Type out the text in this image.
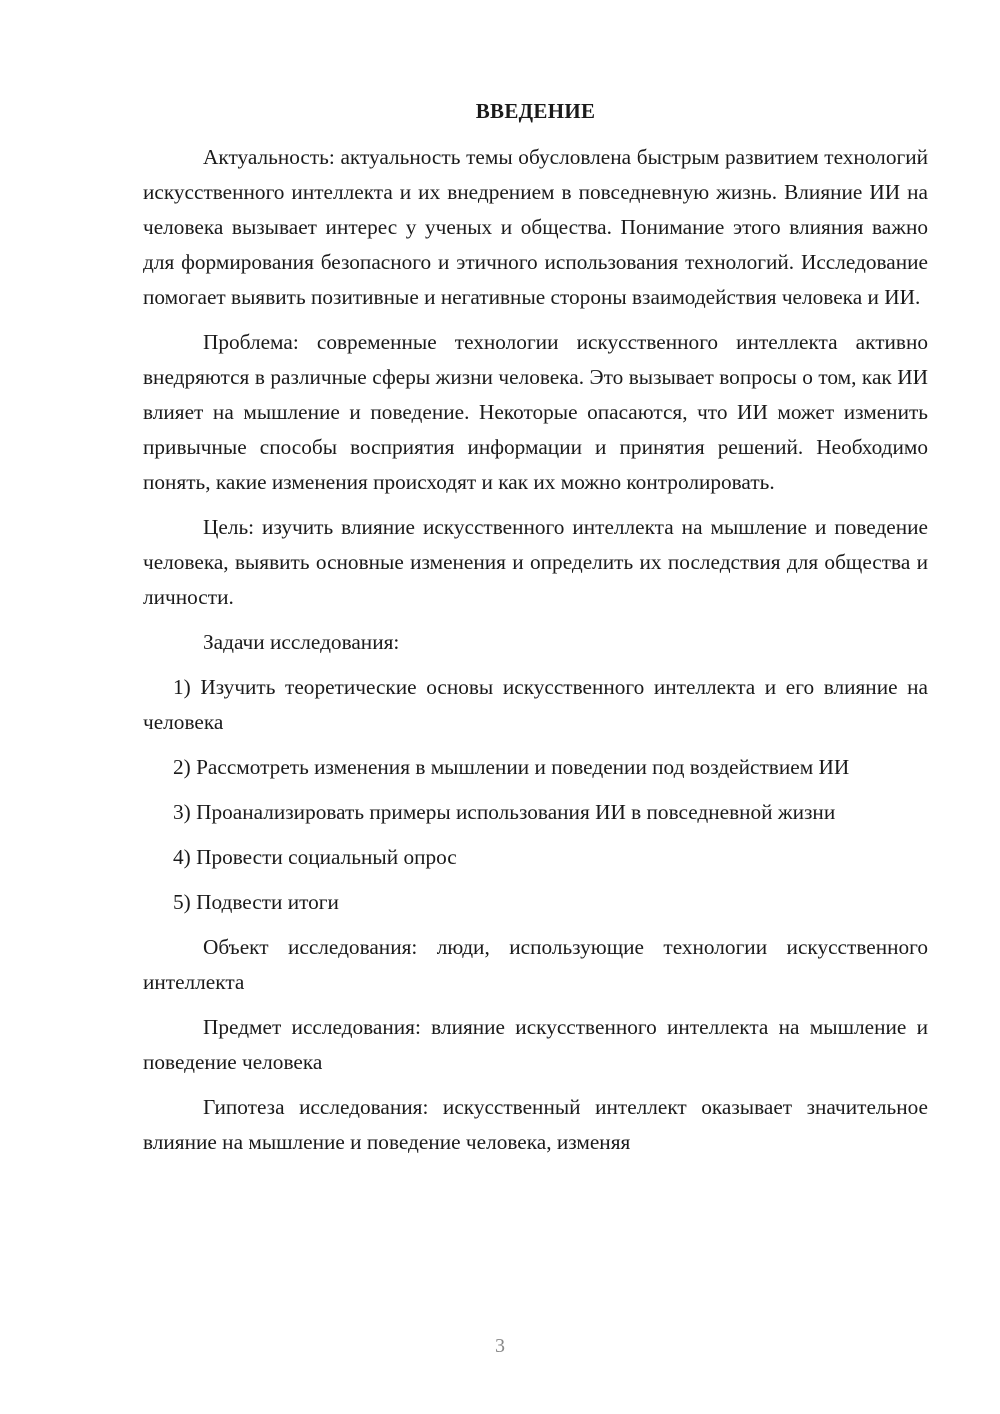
ВВЕДЕНИЕ

Актуальность: актуальность темы обусловлена быстрым развитием технологий искусственного интеллекта и их внедрением в повседневную жизнь. Влияние ИИ на человека вызывает интерес у ученых и общества. Понимание этого влияния важно для формирования безопасного и этичного использования технологий. Исследование помогает выявить позитивные и негативные стороны взаимодействия человека и ИИ.

Проблема: современные технологии искусственного интеллекта активно внедряются в различные сферы жизни человека. Это вызывает вопросы о том, как ИИ влияет на мышление и поведение. Некоторые опасаются, что ИИ может изменить привычные способы восприятия информации и принятия решений. Необходимо понять, какие изменения происходят и как их можно контролировать.

Цель: изучить влияние искусственного интеллекта на мышление и поведение человека, выявить основные изменения и определить их последствия для общества и личности.

Задачи исследования:

1) Изучить теоретические основы искусственного интеллекта и его влияние на человека

2) Рассмотреть изменения в мышлении и поведении под воздействием ИИ

3) Проанализировать примеры использования ИИ в повседневной жизни

4) Провести социальный опрос

5) Подвести итоги

Объект исследования: люди, использующие технологии искусственного интеллекта

Предмет исследования: влияние искусственного интеллекта на мышление и поведение человека

Гипотеза исследования: искусственный интеллект оказывает значительное влияние на мышление и поведение человека, изменяя

3
